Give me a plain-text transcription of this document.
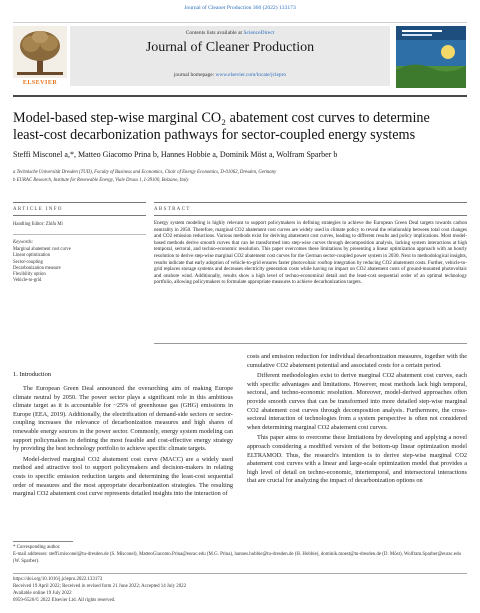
Journal of Cleaner Production 360 (2022) 133173
ELSEVIER
Contents lists available at ScienceDirect
Journal of Cleaner Production
journal homepage: www.elsevier.com/locate/jclepro
Model-based step-wise marginal CO₂ abatement cost curves to determine
least-cost decarbonization pathways for sector-coupled energy systems
Steffi Misconel a,*, Matteo Giacomo Prina b, Hannes Hobbie a, Dominik Möst a, Wolfram Sparber b
a Technische Universität Dresden (TUD), Faculty of Business and Economics, Chair of Energy Economics, D-01062, Dresden, Germany
b EURAC Research, Institute for Renewable Energy, Viale Druso 1, I-39100, Bolzano, Italy
ARTICLE INFO	ABSTRACT
Handling Editor: Zhifu Mi
Keywords:
Marginal abatement cost curve
Linear optimization
Sector-coupling
Decarbonization measure
Flexibility option
Vehicle-to-grid
Energy system modeling is highly relevant to support policymakers in defining strategies to achieve the European Green Deal targets towards carbon neutrality in 2050. Therefore, marginal CO2 abatement cost curves are widely used in climate policy to reveal the relationship between total cost changes and CO2 emission reductions. Various methods exist for deriving abatement cost curves, leading to different results and policy implications. Most model-based methods derive smooth curves that can be transformed into step-wise curves through decomposition analysis, lacking system interactions at high temporal, sectoral, and techno-economic resolution. This paper overcomes these limitations by presenting a linear optimization approach with an hourly resolution to derive step-wise marginal CO2 abatement cost curves for the German sector-coupled power system in 2030. Next to methodological insights, results indicate that early adoption of vehicle-to-grid ensures faster photovoltaic rooftop integration by reducing CO2 abatement costs. Further, vehicle-to-grid replaces storage systems and decreases electricity generation costs while having no impact on CO2 abatement costs of ground-mounted photovoltaic and onshore wind. Additionally, results show a high level of techno-economical detail and the least-cost sequential order of an optimal technology portfolio, allowing policymakers to formulate appropriate measures to achieve decarbonization targets.
1. Introduction

The European Green Deal announced the overarching aim of making Europe climate neutral by 2050. The power sector plays a significant role in this ambitious climate target as it is accountable for ~25% of greenhouse gas (GHG) emissions in Europe (EEA, 2019). Additionally, the electrification of demand-side sectors or sector-coupling increases the relevance of decarbonization measures and high shares of renewable energy sources in the power sector. Commonly, energy system modeling can support policymakers in defining the most feasible and cost-effective energy strategy by providing the best technology portfolio to achieve specific climate targets.

Model-derived marginal CO2 abatement cost curve (MACC) are a widely used method and attractive tool to support policymakers and decision-makers in relating costs to specific emission reduction targets and determining the least-cost sequential order of measures and the most appropriate decarbonization strategies. The resulting marginal CO2 abatement cost curve represents detailed insights into the interaction of

costs and emission reduction for individual decarbonization measures, together with the cumulative CO2 abatement potential and associated costs for a certain period.

Different methodologies exist to derive marginal CO2 abatement cost curves, each with specific advantages and limitations. However, most methods lack high temporal, sectoral, and techno-economic resolution. Moreover, model-derived approaches often provide smooth curves that can be transformed into more detailed step-wise marginal CO2 abatement cost curves through decomposition analysis. Furthermore, the cross-sectoral interaction of technologies from a system perspective is often not considered when determining marginal CO2 abatement cost curves.

This paper aims to overcome these limitations by developing and applying a novel approach considering a modified version of the bottom-up linear optimization model ELTRAMOD. Thus, the research's intention is to derive step-wise marginal CO2 abatement cost curves with a linear and large-scale optimization model that provides a high level of detail on techno-economic, intertemporal, and intersectoral interactions that are crucial for analyzing the impact of decarbonization options on

* Corresponding author.
E-mail addresses: steffi.misconel@tu-dresden.de (S. Misconel), MatteoGiacomo.Prina@eurac.edu (M.G. Prina), hannes.hobbie@tu-dresden.de (H. Hobbie), dominik.moest@tu-dresden.de (D. Möst), Wolfram.Sparber@eurac.edu (W. Sparber).
https://doi.org/10.1016/j.jclepro.2022.133173
Received 19 April 2022; Received in revised form 21 June 2022; Accepted 14 July 2022
Available online 19 July 2022
0959-6526/© 2022 Elsevier Ltd. All rights reserved.
